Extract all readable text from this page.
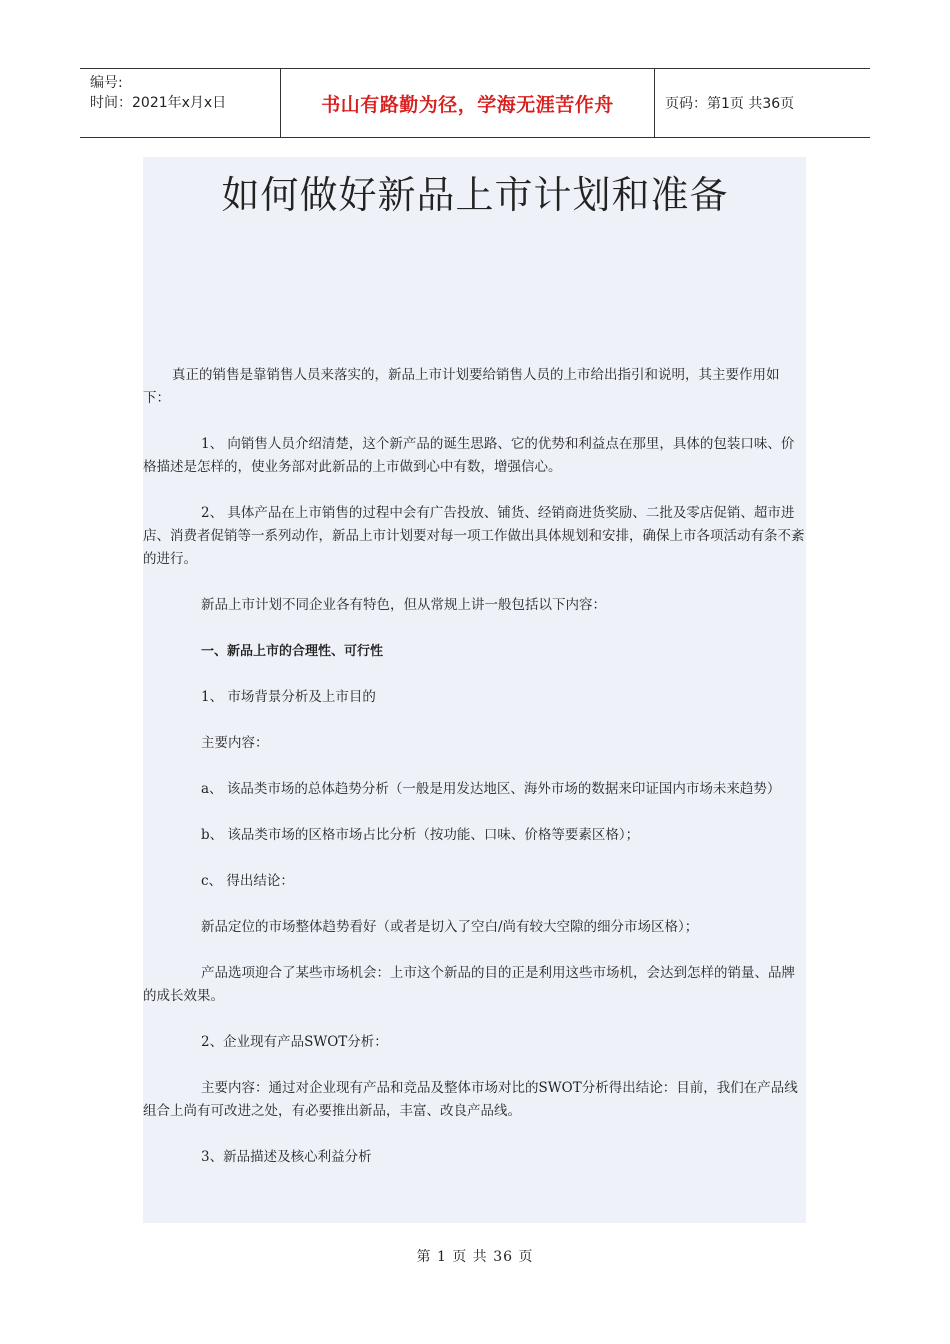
编号:
时间：2021年x月x日	书山有路勤为径，学海无涯苦作舟	页码：第1页 共36页
如何做好新品上市计划和准备

真正的销售是靠销售人员来落实的，新品上市计划要给销售人员的上市给出指引和说明，其主要作用如下：

1、 向销售人员介绍清楚，这个新产品的诞生思路、它的优势和利益点在那里，具体的包装口味、价格描述是怎样的，使业务部对此新品的上市做到心中有数，增强信心。

2、 具体产品在上市销售的过程中会有广告投放、铺货、经销商进货奖励、二批及零店促销、超市进店、消费者促销等一系列动作，新品上市计划要对每一项工作做出具体规划和安排，确保上市各项活动有条不紊的进行。

新品上市计划不同企业各有特色，但从常规上讲一般包括以下内容：

一、新品上市的合理性、可行性

1、 市场背景分析及上市目的

主要内容：

a、 该品类市场的总体趋势分析（一般是用发达地区、海外市场的数据来印证国内市场未来趋势）

b、 该品类市场的区格市场占比分析（按功能、口味、价格等要素区格）；

c、 得出结论：

新品定位的市场整体趋势看好（或者是切入了空白/尚有较大空隙的细分市场区格）；

产品选项迎合了某些市场机会：上市这个新品的目的正是利用这些市场机，会达到怎样的销量、品牌的成长效果。

2、企业现有产品SWOT分析：

主要内容：通过对企业现有产品和竞品及整体市场对比的SWOT分析得出结论：目前，我们在产品线组合上尚有可改进之处，有必要推出新品，丰富、改良产品线。

3、新品描述及核心利益分析

第 1 页 共 36 页
